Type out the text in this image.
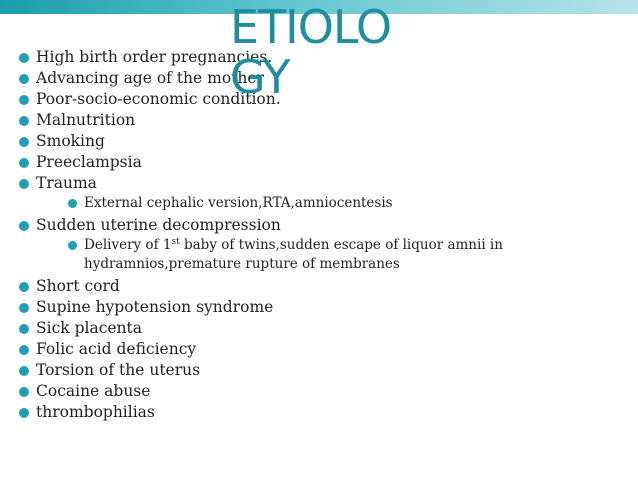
High birth order pregnancies.
Advancing age of the mother
Poor-socio-economic condition.
Malnutrition
Smoking
Preeclampsia
Trauma
External cephalic version,RTA,amniocentesis
Sudden uterine decompression
Delivery of 1st baby of twins,sudden escape of liquor amnii in hydramnios,premature rupture of membranes
Short cord
Supine hypotension syndrome
Sick placenta
Folic acid deficiency
Torsion of the uterus
Cocaine abuse
thrombophilias
ETIOLOGY
